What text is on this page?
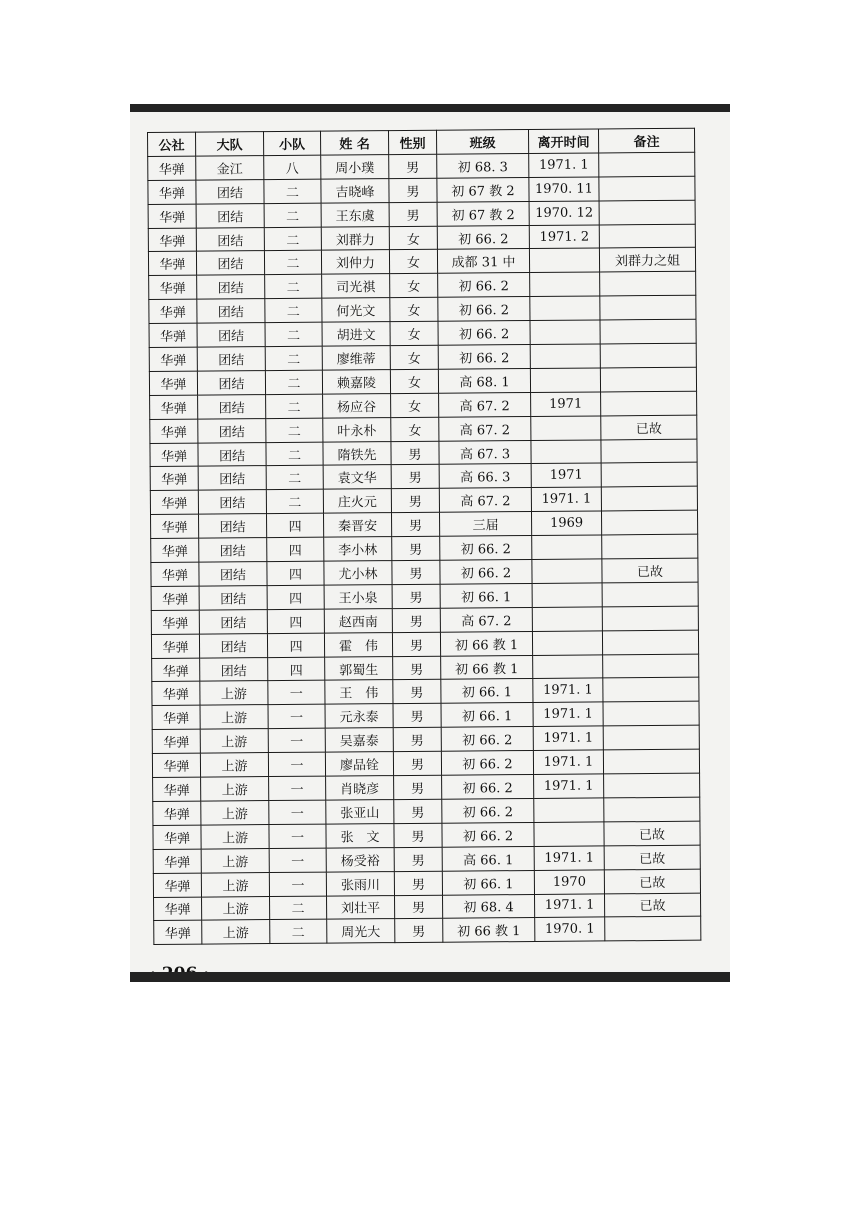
公社	大队	小队	姓 名	性别	班级	离开时间	备注
华弹	金江	八	周小璞	男	初 68. 3	1971. 1	
华弹	团结	二	吉晓峰	男	初 67 教 2	1970. 11	
华弹	团结	二	王东虞	男	初 67 教 2	1970. 12	
华弹	团结	二	刘群力	女	初 66. 2	1971. 2	
华弹	团结	二	刘仲力	女	成都 31 中		刘群力之姐
华弹	团结	二	司光祺	女	初 66. 2		
华弹	团结	二	何光文	女	初 66. 2		
华弹	团结	二	胡进文	女	初 66. 2		
华弹	团结	二	廖维蒂	女	初 66. 2		
华弹	团结	二	赖嘉陵	女	高 68. 1		
华弹	团结	二	杨应谷	女	高 67. 2	1971	
华弹	团结	二	叶永朴	女	高 67. 2		已故
华弹	团结	二	隋铁先	男	高 67. 3		
华弹	团结	二	袁文华	男	高 66. 3	1971	
华弹	团结	二	庄火元	男	高 67. 2	1971. 1	
华弹	团结	四	秦晋安	男	三届	1969	
华弹	团结	四	李小林	男	初 66. 2		
华弹	团结	四	尤小林	男	初 66. 2		已故
华弹	团结	四	王小泉	男	初 66. 1		
华弹	团结	四	赵西南	男	高 67. 2		
华弹	团结	四	霍　伟	男	初 66 教 1		
华弹	团结	四	郭蜀生	男	初 66 教 1		
华弹	上游	一	王　伟	男	初 66. 1	1971. 1	
华弹	上游	一	元永泰	男	初 66. 1	1971. 1	
华弹	上游	一	吴嘉泰	男	初 66. 2	1971. 1	
华弹	上游	一	廖品铨	男	初 66. 2	1971. 1	
华弹	上游	一	肖晓彦	男	初 66. 2	1971. 1	
华弹	上游	一	张亚山	男	初 66. 2		
华弹	上游	一	张　文	男	初 66. 2		已故
华弹	上游	一	杨受裕	男	高 66. 1	1971. 1	已故
华弹	上游	一	张雨川	男	初 66. 1	1970	已故
华弹	上游	二	刘壮平	男	初 68. 4	1971. 1	已故
华弹	上游	二	周光大	男	初 66 教 1	1970. 1	
